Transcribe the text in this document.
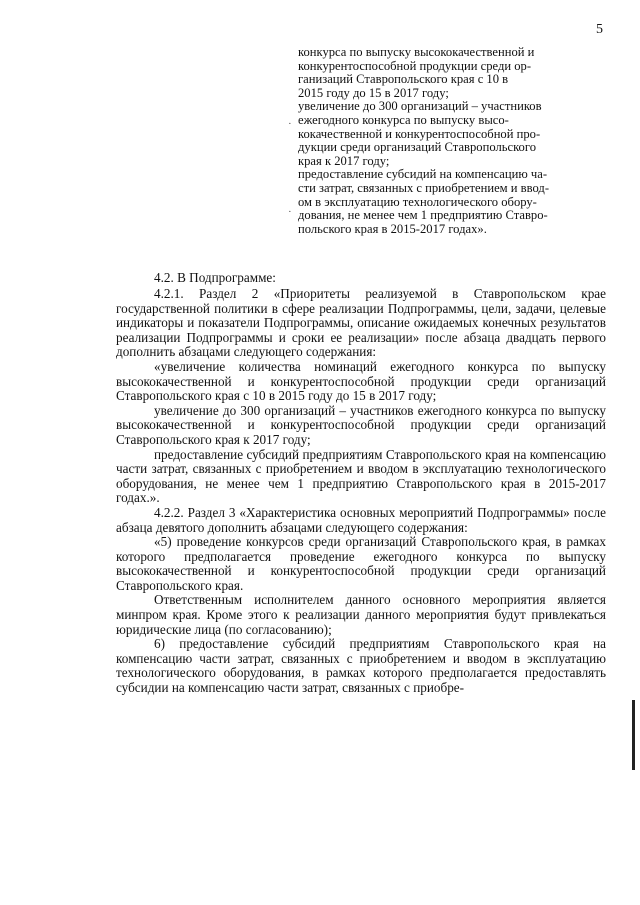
5
·
·

конкурса по выпуску высококачественной и

конкурентоспособной продукции среди ор-

ганизаций Ставропольского края с 10 в

2015 году до 15 в 2017 году;

увеличение до 300 организаций – участников

ежегодного конкурса по выпуску высо-

кокачественной и конкурентоспособной про-

дукции среди организаций Ставропольского

края к 2017 году;

предоставление субсидий на компенсацию ча-

сти затрат, связанных с приобретением и ввод-

ом в эксплуатацию технологического обору-

дования, не менее чем 1 предприятию Ставро-

польского края в 2015-2017 годах».

4.2. В Подпрограмме:

4.2.1. Раздел 2 «Приоритеты реализуемой в Ставропольском крае государственной политики в сфере реализации Подпрограммы, цели, задачи, целевые индикаторы и показатели Подпрограммы, описание ожидаемых конечных результатов реализации Подпрограммы и сроки ее реализации» после абзаца двадцать первого дополнить абзацами следующего содержания:

«увеличение количества номинаций ежегодного конкурса по выпуску высококачественной и конкурентоспособной продукции среди организаций Ставропольского края с 10 в 2015 году до 15 в 2017 году;

увеличение до 300 организаций – участников ежегодного конкурса по выпуску высококачественной и конкурентоспособной продукции среди организаций Ставропольского края к 2017 году;

предоставление субсидий предприятиям Ставропольского края на компенсацию части затрат, связанных с приобретением и вводом в эксплуатацию технологического оборудования, не менее чем 1 предприятию Ставропольского края в 2015-2017 годах.».

4.2.2. Раздел 3 «Характеристика основных мероприятий Подпрограммы» после абзаца девятого дополнить абзацами следующего содержания:

«5) проведение конкурсов среди организаций Ставропольского края, в рамках которого предполагается проведение ежегодного конкурса по выпуску высококачественной и конкурентоспособной продукции среди организаций Ставропольского края.

Ответственным исполнителем данного основного мероприятия является минпром края. Кроме этого к реализации данного мероприятия будут привлекаться юридические лица (по согласованию);

6) предоставление субсидий предприятиям Ставропольского края на компенсацию части затрат, связанных с приобретением и вводом в эксплуатацию технологического оборудования, в рамках которого предполагается предоставлять субсидии на компенсацию части затрат, связанных с приобре-
